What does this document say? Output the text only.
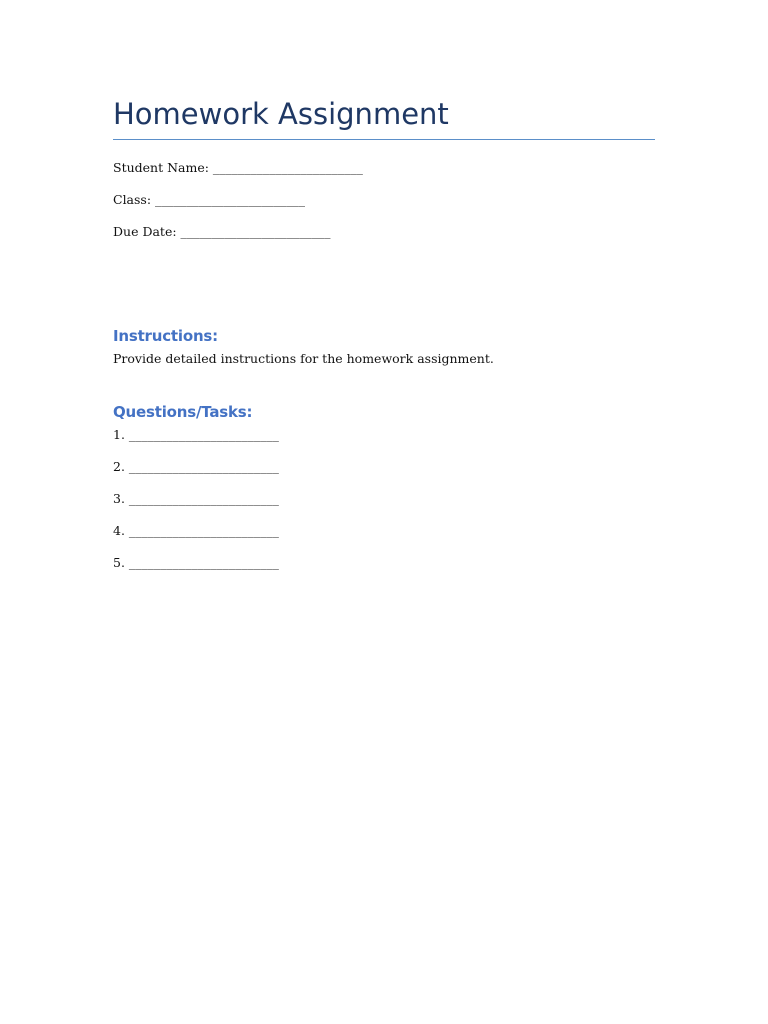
Homework Assignment

Student Name: ________________________

Class: ________________________

Due Date: ________________________

Instructions:

Provide detailed instructions for the homework assignment.

Questions/Tasks:

1. ________________________

2. ________________________

3. ________________________

4. ________________________

5. ________________________
